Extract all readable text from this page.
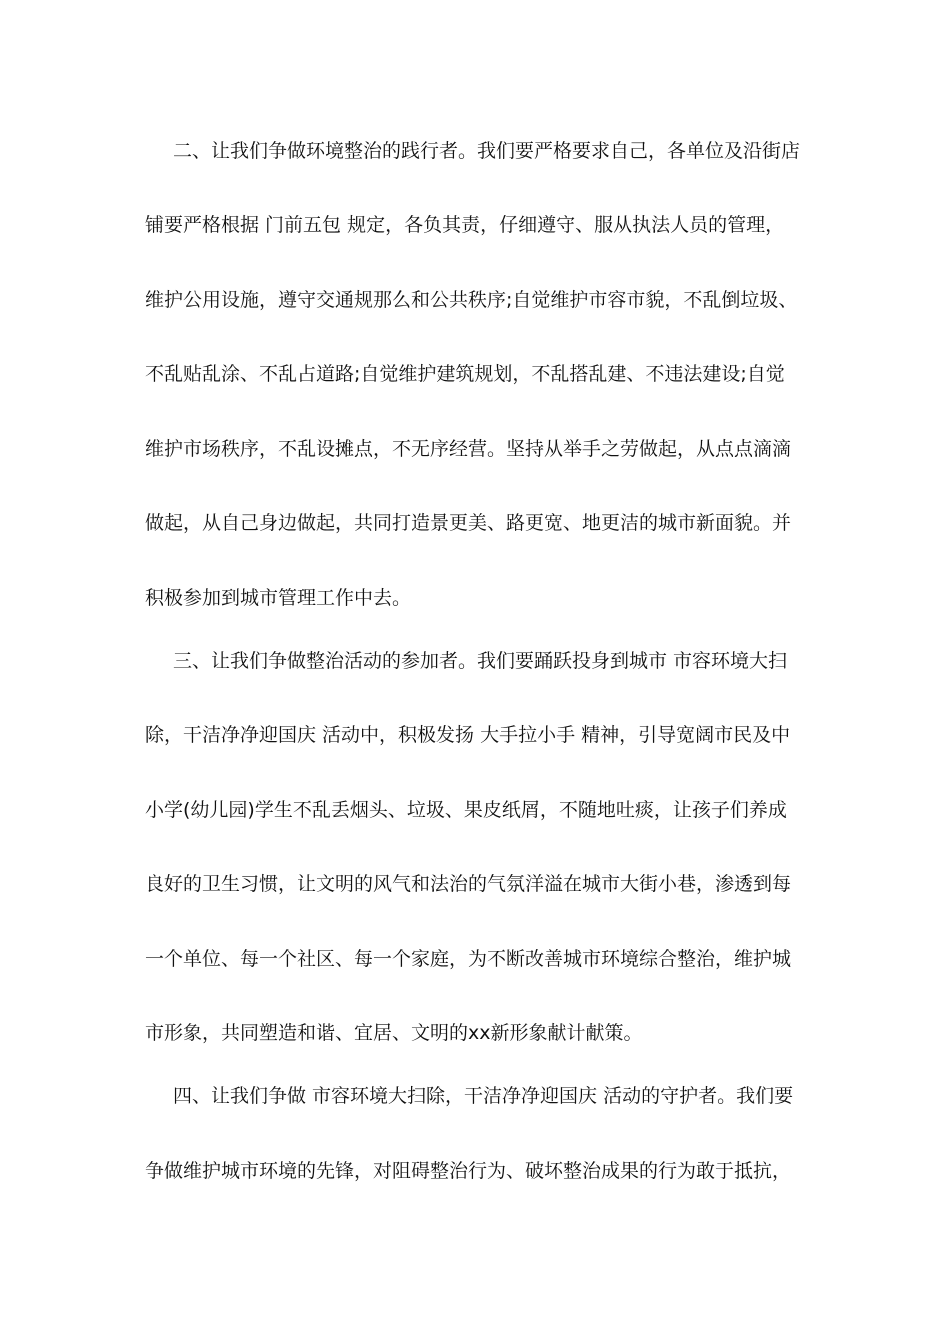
二、让我们争做环境整治的践行者。我们要严格要求自己，各单位及沿街店
铺要严格根据 门前五包 规定，各负其责，仔细遵守、服从执法人员的管理，
维护公用设施，遵守交通规那么和公共秩序;自觉维护市容市貌，不乱倒垃圾、
不乱贴乱涂、不乱占道路;自觉维护建筑规划，不乱搭乱建、不违法建设;自觉
维护市场秩序，不乱设摊点，不无序经营。坚持从举手之劳做起，从点点滴滴
做起，从自己身边做起，共同打造景更美、路更宽、地更洁的城市新面貌。并
积极参加到城市管理工作中去。
三、让我们争做整治活动的参加者。我们要踊跃投身到城市 市容环境大扫
除，干洁净净迎国庆 活动中，积极发扬 大手拉小手 精神，引导宽阔市民及中
小学(幼儿园)学生不乱丢烟头、垃圾、果皮纸屑，不随地吐痰，让孩子们养成
良好的卫生习惯，让文明的风气和法治的气氛洋溢在城市大街小巷，渗透到每
一个单位、每一个社区、每一个家庭，为不断改善城市环境综合整治，维护城
市形象，共同塑造和谐、宜居、文明的xx新形象献计献策。
四、让我们争做 市容环境大扫除，干洁净净迎国庆 活动的守护者。我们要
争做维护城市环境的先锋，对阻碍整治行为、破坏整治成果的行为敢于抵抗，
